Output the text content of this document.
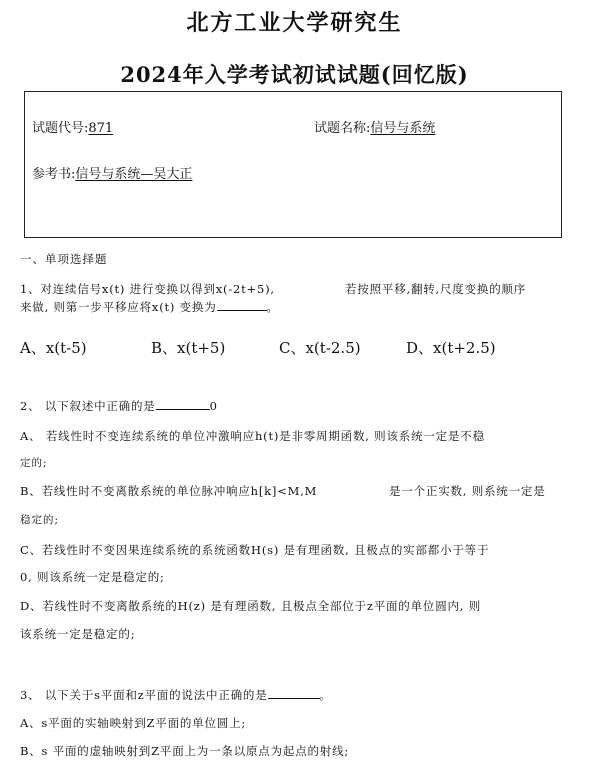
北方工业大学研究生
2024年入学考试初试试题(回忆版)
试题代号:871	试题名称:信号与系统
参考书:信号与系统—吴大正
一、单项选择题
1、对连续信号x(t) 进行变换以得到x(-2t+5),	若按照平移,翻转,尺度变换的顺序
来做, 则第一步平移应将x(t) 变换为	。
A、x(t-5)	B、x(t+5)	C、x(t-2.5)	D、x(t+2.5)
2、 以下叙述中正确的是	0
A、 若线性时不变连续系统的单位冲激响应h(t)是非零周期函数, 则该系统一定是不稳
定的;
B、若线性时不变离散系统的单位脉冲响应h[k]<M,M	是一个正实数, 则系统一定是
稳定的;
C、若线性时不变因果连续系统的系统函数H(s) 是有理函数, 且极点的实部都小于等于
0, 则该系统一定是稳定的;
D、若线性时不变离散系统的H(z) 是有理函数, 且极点全部位于z平面的单位圆内, 则
该系统一定是稳定的;
3、 以下关于s平面和z平面的说法中正确的是	。
A、s平面的实轴映射到Z平面的单位圆上;
B、s 平面的虚轴映射到Z平面上为一条以原点为起点的射线;
